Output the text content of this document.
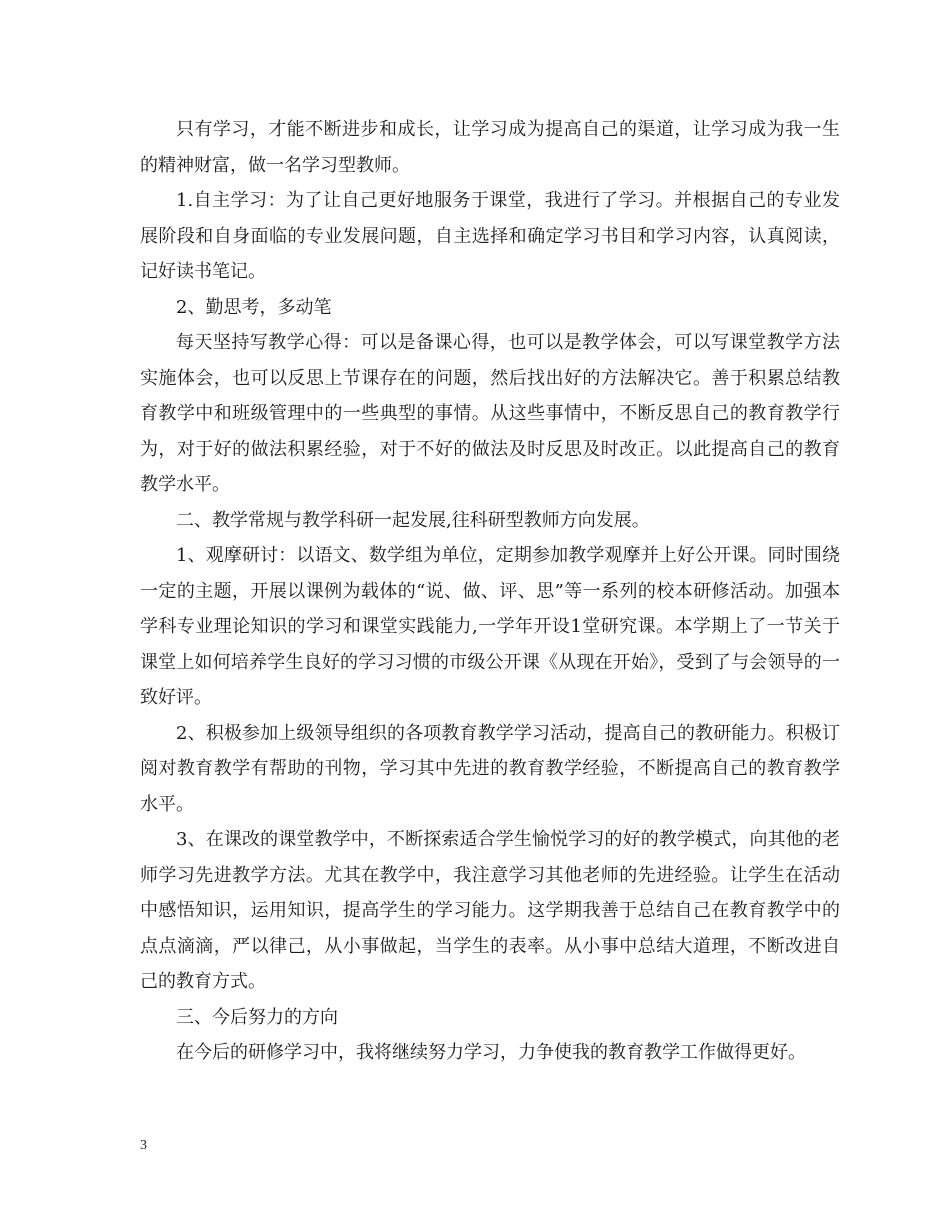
只有学习，才能不断进步和成长，让学习成为提高自己的渠道，让学习成为我一生的精神财富，做一名学习型教师。

1.自主学习：为了让自己更好地服务于课堂，我进行了学习。并根据自己的专业发展阶段和自身面临的专业发展问题，自主选择和确定学习书目和学习内容，认真阅读，记好读书笔记。

2、勤思考，多动笔

每天坚持写教学心得：可以是备课心得，也可以是教学体会，可以写课堂教学方法实施体会，也可以反思上节课存在的问题，然后找出好的方法解决它。善于积累总结教育教学中和班级管理中的一些典型的事情。从这些事情中，不断反思自己的教育教学行为，对于好的做法积累经验，对于不好的做法及时反思及时改正。以此提高自己的教育教学水平。

二、教学常规与教学科研一起发展,往科研型教师方向发展。

1、观摩研讨：以语文、数学组为单位，定期参加教学观摩并上好公开课。同时围绕一定的主题，开展以课例为载体的“说、做、评、思”等一系列的校本研修活动。加强本学科专业理论知识的学习和课堂实践能力,一学年开设1堂研究课。本学期上了一节关于课堂上如何培养学生良好的学习习惯的市级公开课《从现在开始》，受到了与会领导的一致好评。

2、积极参加上级领导组织的各项教育教学学习活动，提高自己的教研能力。积极订阅对教育教学有帮助的刊物，学习其中先进的教育教学经验，不断提高自己的教育教学水平。

3、在课改的课堂教学中，不断探索适合学生愉悦学习的好的教学模式，向其他的老师学习先进教学方法。尤其在教学中，我注意学习其他老师的先进经验。让学生在活动中感悟知识，运用知识，提高学生的学习能力。这学期我善于总结自己在教育教学中的点点滴滴，严以律己，从小事做起，当学生的表率。从小事中总结大道理，不断改进自己的教育方式。

三、今后努力的方向

在今后的研修学习中，我将继续努力学习，力争使我的教育教学工作做得更好。

3
